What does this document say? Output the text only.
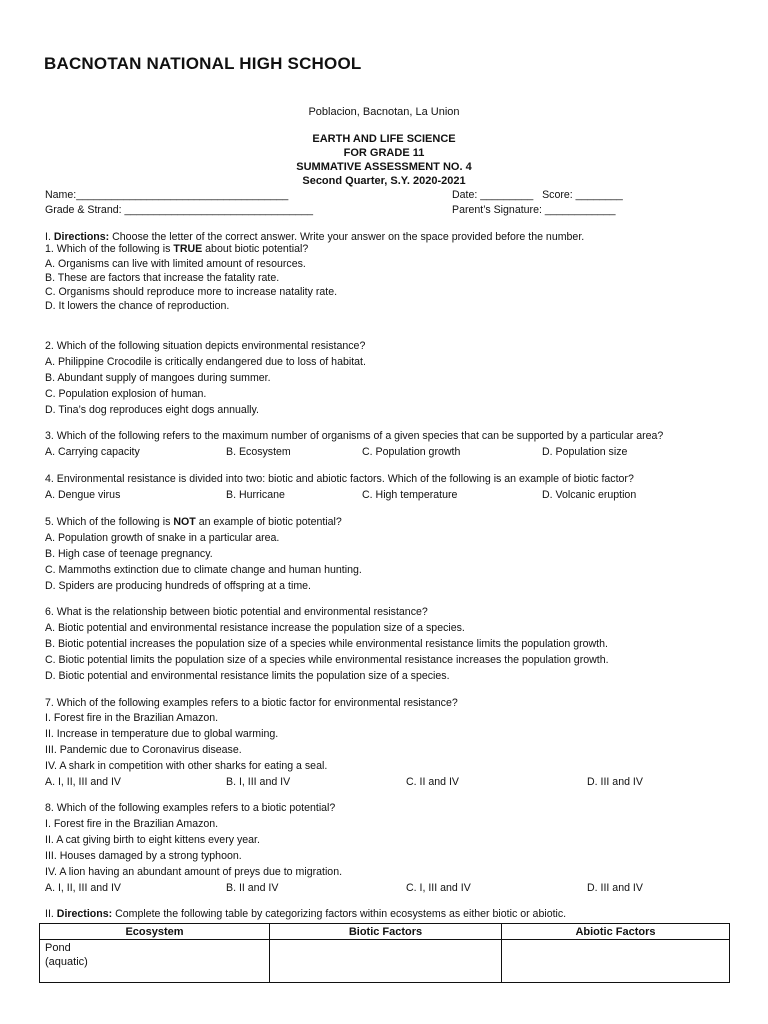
BACNOTAN NATIONAL HIGH SCHOOL
Poblacion, Bacnotan, La Union
EARTH AND LIFE SCIENCE
FOR GRADE 11
SUMMATIVE ASSESSMENT NO. 4
Second Quarter, S.Y. 2020-2021
Name:____________________________________	Date: _________   Score: ________
Grade & Strand: ________________________________	Parent’s Signature: ____________
I. Directions: Choose the letter of the correct answer. Write your answer on the space provided before the number.
1. Which of the following is TRUE about biotic potential?
A. Organisms can live with limited amount of resources.
B. These are factors that increase the fatality rate.
C. Organisms should reproduce more to increase natality rate.
D. It lowers the chance of reproduction.
2. Which of the following situation depicts environmental resistance?
A. Philippine Crocodile is critically endangered due to loss of habitat.
B. Abundant supply of mangoes during summer.
C. Population explosion of human.
D. Tina’s dog reproduces eight dogs annually.
3. Which of the following refers to the maximum number of organisms of a given species that can be supported by a particular area?
A. Carrying capacity	B. Ecosystem	C. Population growth	D. Population size
4. Environmental resistance is divided into two: biotic and abiotic factors. Which of the following is an example of biotic factor?
A. Dengue virus	B. Hurricane	C. High temperature	D. Volcanic eruption
5. Which of the following is NOT an example of biotic potential?
A. Population growth of snake in a particular area.
B. High case of teenage pregnancy.
C. Mammoths extinction due to climate change and human hunting.
D. Spiders are producing hundreds of offspring at a time.
6. What is the relationship between biotic potential and environmental resistance?
A. Biotic potential and environmental resistance increase the population size of a species.
B. Biotic potential increases the population size of a species while environmental resistance limits the population growth.
C. Biotic potential limits the population size of a species while environmental resistance increases the population growth.
D. Biotic potential and environmental resistance limits the population size of a species.
7. Which of the following examples refers to a biotic factor for environmental resistance?
I. Forest fire in the Brazilian Amazon.
II. Increase in temperature due to global warming.
III. Pandemic due to Coronavirus disease.
IV. A shark in competition with other sharks for eating a seal.
A. I, II, III and IV	B. I, III and IV	C. II and IV	D. III and IV
8. Which of the following examples refers to a biotic potential?
I. Forest fire in the Brazilian Amazon.
II. A cat giving birth to eight kittens every year.
III. Houses damaged by a strong typhoon.
IV. A lion having an abundant amount of preys due to migration.
A. I, II, III and IV	B. II and IV	C. I, III and IV	D. III and IV
II. Directions: Complete the following table by categorizing factors within ecosystems as either biotic or abiotic.
Ecosystem	Biotic Factors	Abiotic Factors

Pond
(aquatic)		
